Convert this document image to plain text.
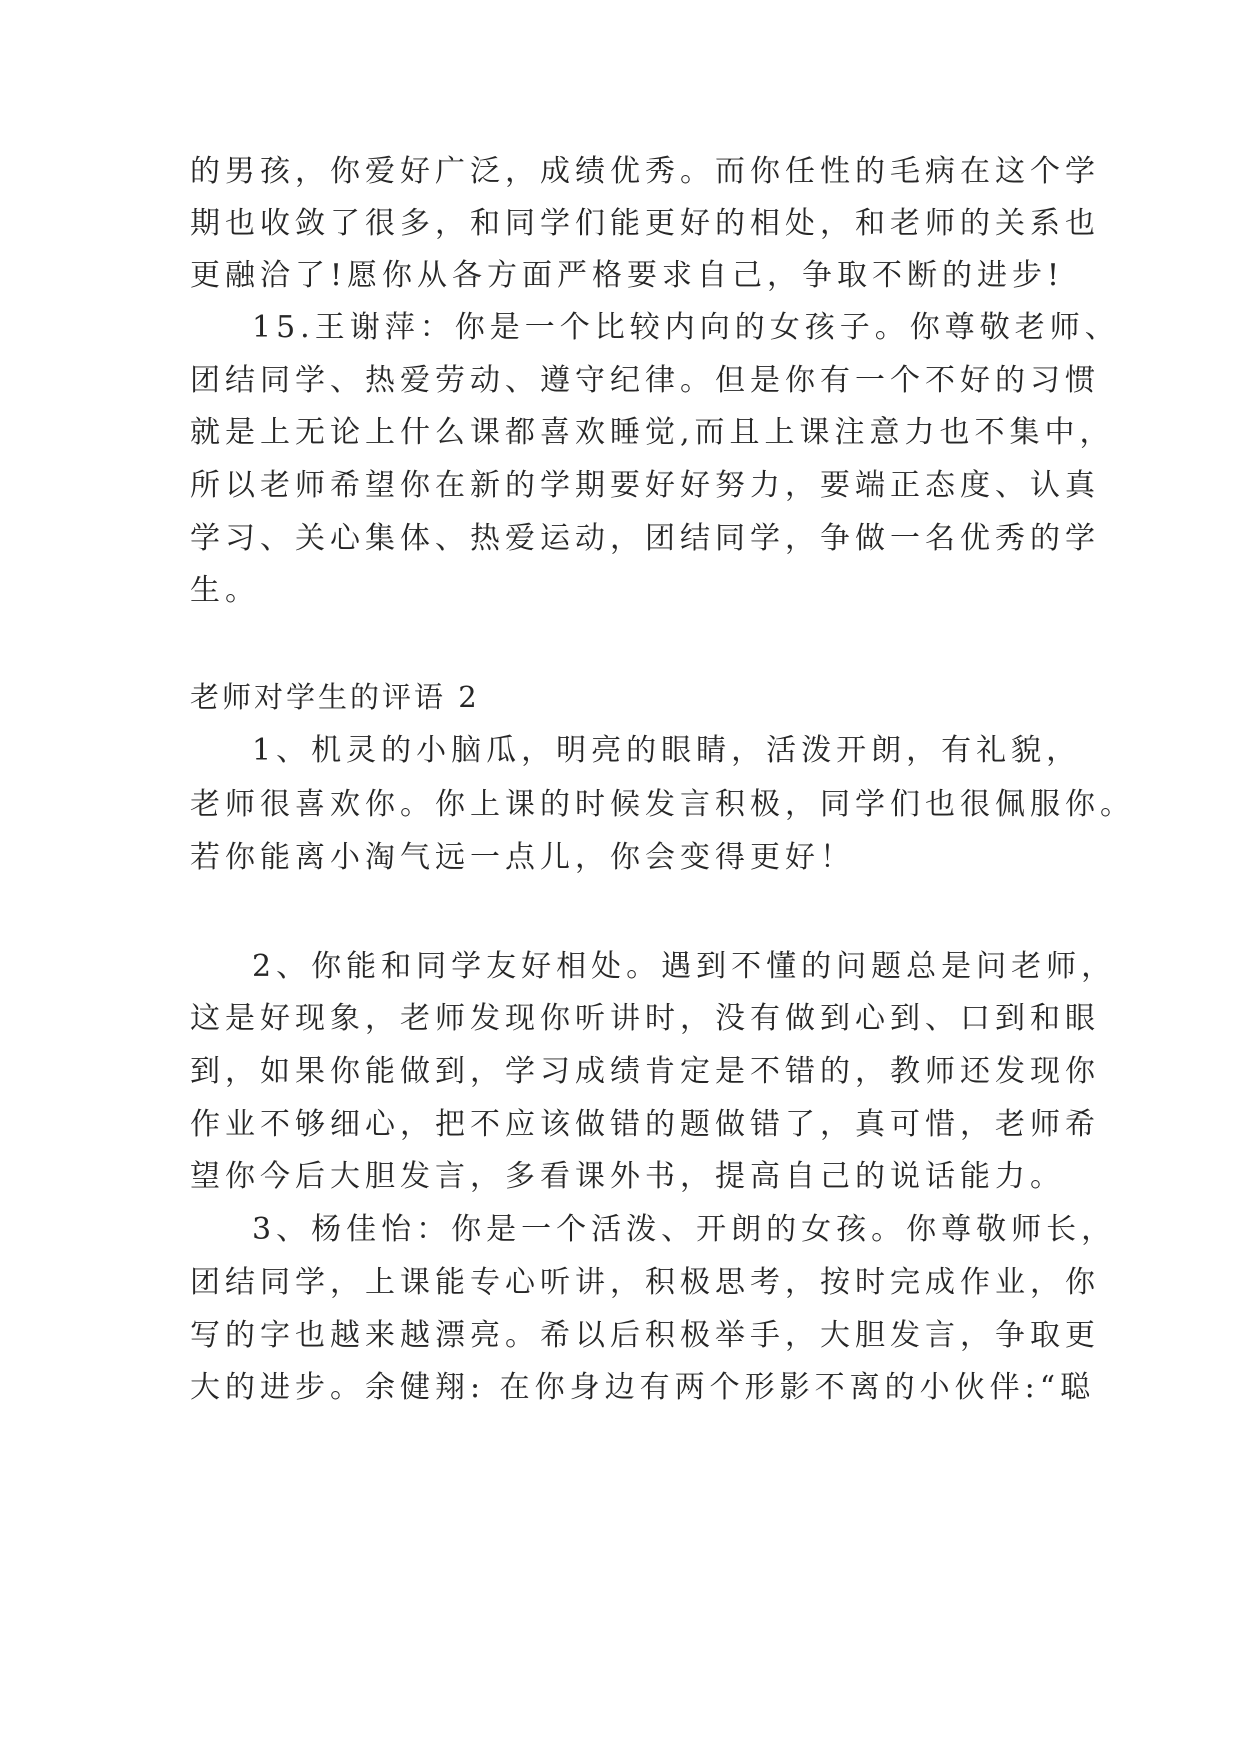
的男孩，你爱好广泛，成绩优秀。而你任性的毛病在这个学
期也收敛了很多，和同学们能更好的相处，和老师的关系也
更融洽了!愿你从各方面严格要求自己，争取不断的进步!
15.王谢萍：你是一个比较内向的女孩子。你尊敬老师、
团结同学、热爱劳动、遵守纪律。但是你有一个不好的习惯
就是上无论上什么课都喜欢睡觉,而且上课注意力也不集中，
所以老师希望你在新的学期要好好努力，要端正态度、认真
学习、关心集体、热爱运动，团结同学，争做一名优秀的学
生。
老师对学生的评语 2
1、机灵的小脑瓜，明亮的眼睛，活泼开朗，有礼貌，
老师很喜欢你。你上课的时候发言积极，同学们也很佩服你。
若你能离小淘气远一点儿，你会变得更好！
2、你能和同学友好相处。遇到不懂的问题总是问老师，
这是好现象，老师发现你听讲时，没有做到心到、口到和眼
到，如果你能做到，学习成绩肯定是不错的，教师还发现你
作业不够细心，把不应该做错的题做错了，真可惜，老师希
望你今后大胆发言，多看课外书，提高自己的说话能力。
3、杨佳怡：你是一个活泼、开朗的女孩。你尊敬师长，
团结同学，上课能专心听讲，积极思考，按时完成作业，你
写的字也越来越漂亮。希以后积极举手，大胆发言，争取更
大的进步。余健翔: 在你身边有两个形影不离的小伙伴:“聪
